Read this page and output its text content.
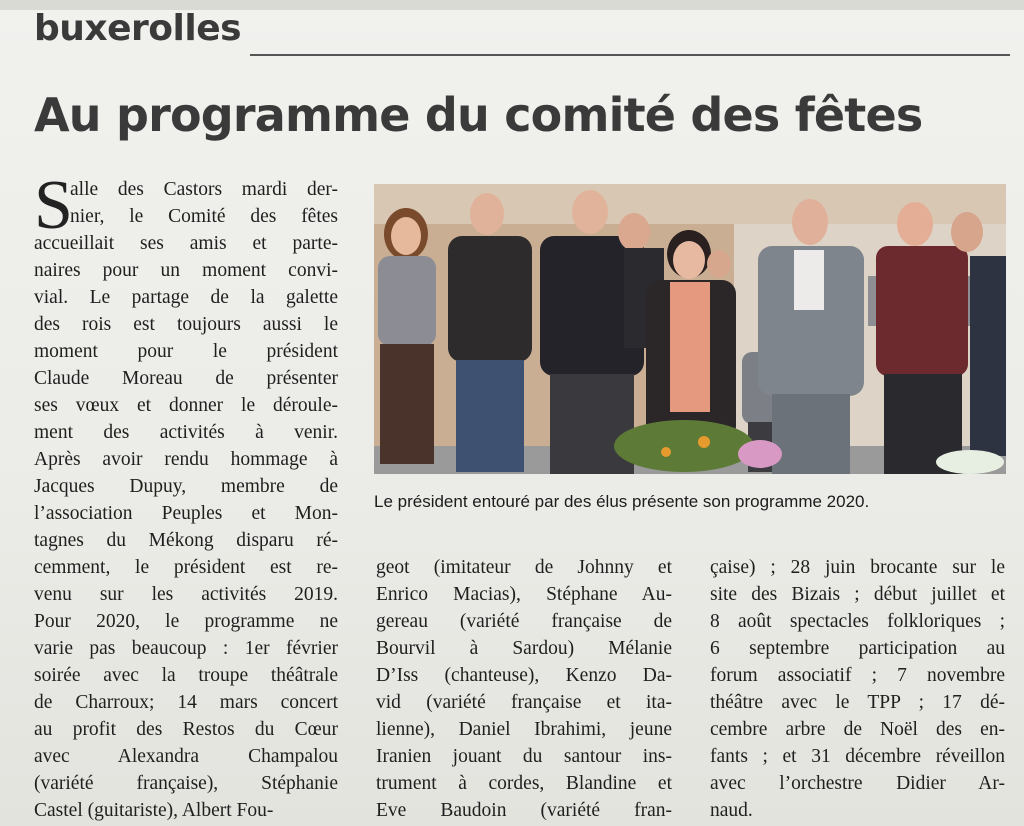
buxerolles
Au programme du comité des fêtes
S
alle des Castors mardi der-
nier, le Comité des fêtes
accueillait ses amis et parte-
naires pour un moment convi-
vial. Le partage de la galette
des rois est toujours aussi le
moment pour le président
Claude Moreau de présenter
ses vœux et donner le déroule-
ment des activités à venir.
Après avoir rendu hommage à
Jacques Dupuy, membre de
l’association Peuples et Mon-
tagnes du Mékong disparu ré-
cemment, le président est re-
venu sur les activités 2019.
Pour 2020, le programme ne
varie pas beaucoup : 1er février
soirée avec la troupe théâtrale
de Charroux; 14 mars concert
au profit des Restos du Cœur
avec Alexandra Champalou
(variété française), Stéphanie
Castel (guitariste), Albert Fou-
Le président entouré par des élus présente son programme 2020.
geot (imitateur de Johnny et
Enrico Macias), Stéphane Au-
gereau (variété française de
Bourvil à Sardou) Mélanie
D’Iss (chanteuse), Kenzo Da-
vid (variété française et ita-
lienne), Daniel Ibrahimi, jeune
Iranien jouant du santour ins-
trument à cordes, Blandine et
Eve Baudoin (variété fran-
çaise) ; 28 juin brocante sur le
site des Bizais ; début juillet et
8 août spectacles folkloriques ;
6 septembre participation au
forum associatif ; 7 novembre
théâtre avec le TPP ; 17 dé-
cembre arbre de Noël des en-
fants ; et 31 décembre réveillon
avec l’orchestre Didier Ar-
naud.
